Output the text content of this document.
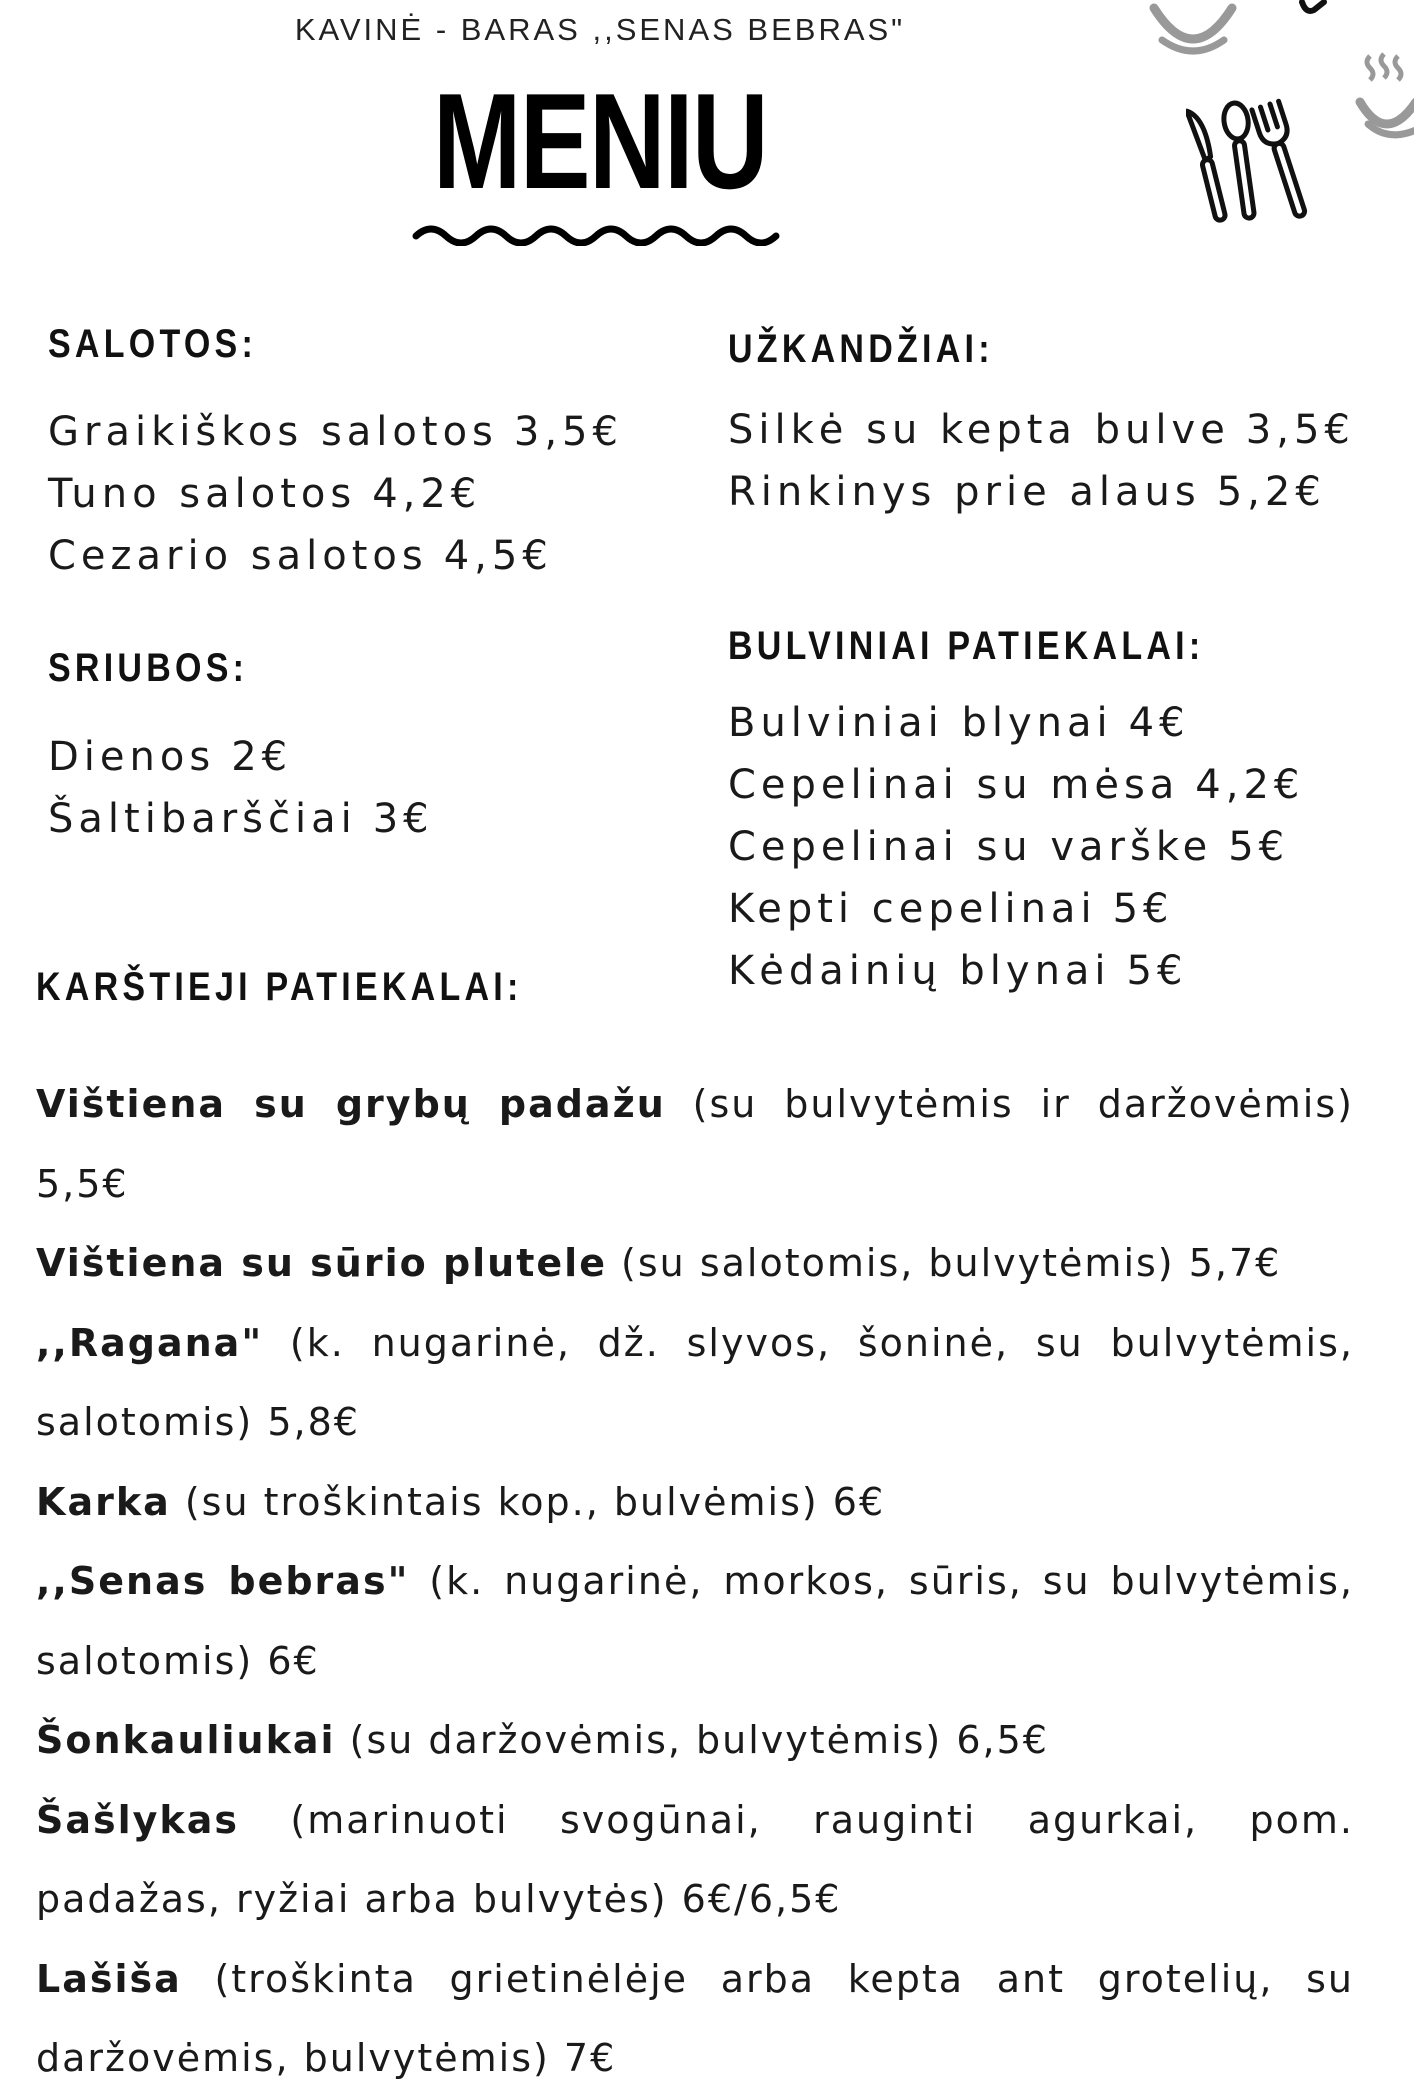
KAVINĖ - BARAS ,,SENAS BEBRAS"
MENIU
SALOTOS:
Graikiškos salotos 3,5€
Tuno salotos 4,2€
Cezario salotos 4,5€
UŽKANDŽIAI:
Silkė su kepta bulve 3,5€
Rinkinys prie alaus 5,2€
SRIUBOS:
Dienos 2€
Šaltibarščiai 3€
BULVINIAI PATIEKALAI:
Bulviniai blynai 4€
Cepelinai su mėsa 4,2€
Cepelinai su varške 5€
Kepti cepelinai 5€
Kėdainių blynai 5€
KARŠTIEJI PATIEKALAI:
Vištiena su grybų padažu (su bulvytėmis ir daržovėmis) 5,5€
Vištiena su sūrio plutele (su salotomis, bulvytėmis) 5,7€
,,Ragana" (k. nugarinė, dž. slyvos, šoninė, su bulvytėmis, salotomis) 5,8€
Karka (su troškintais kop., bulvėmis) 6€
,,Senas bebras" (k. nugarinė, morkos, sūris, su bulvytėmis, salotomis) 6€
Šonkauliukai (su daržovėmis, bulvytėmis) 6,5€
Šašlykas (marinuoti svogūnai, rauginti agurkai, pom. padažas, ryžiai arba bulvytės) 6€/6,5€
Lašiša (troškinta grietinėlėje arba kepta ant grotelių, su daržovėmis, bulvytėmis) 7€
